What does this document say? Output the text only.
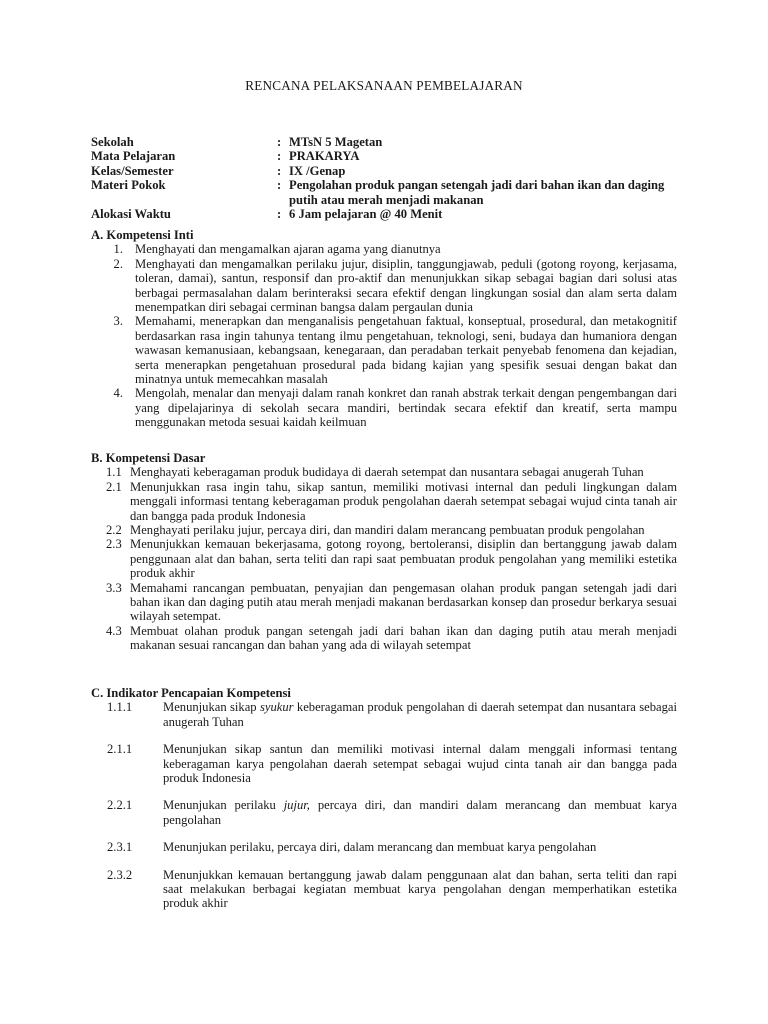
RENCANA PELAKSANAAN PEMBELAJARAN
Sekolah	: MTsN 5 Magetan
Mata Pelajaran	: PRAKARYA
Kelas/Semester	: IX /Genap
Materi Pokok	: Pengolahan produk pangan setengah jadi dari bahan ikan dan daging putih atau merah menjadi makanan
Alokasi Waktu	: 6 Jam pelajaran @ 40 Menit
A. Kompetensi Inti
1. Menghayati dan mengamalkan ajaran agama yang dianutnya
2. Menghayati dan mengamalkan perilaku jujur, disiplin, tanggungjawab, peduli (gotong royong, kerjasama, toleran, damai), santun, responsif dan pro-aktif dan menunjukkan sikap sebagai bagian dari solusi atas berbagai permasalahan dalam berinteraksi secara efektif dengan lingkungan sosial dan alam serta dalam menempatkan diri sebagai cerminan bangsa dalam pergaulan dunia
3. Memahami, menerapkan dan menganalisis pengetahuan faktual, konseptual, prosedural, dan metakognitif berdasarkan rasa ingin tahunya tentang ilmu pengetahuan, teknologi, seni, budaya dan humaniora dengan wawasan kemanusiaan, kebangsaan, kenegaraan, dan peradaban terkait penyebab fenomena dan kejadian, serta menerapkan pengetahuan prosedural pada bidang kajian yang spesifik sesuai dengan bakat dan minatnya untuk memecahkan masalah
4. Mengolah, menalar dan menyaji dalam ranah konkret dan ranah abstrak terkait dengan pengembangan dari yang dipelajarinya di sekolah secara mandiri, bertindak secara efektif dan kreatif, serta mampu menggunakan metoda sesuai kaidah keilmuan
B. Kompetensi Dasar
1.1 Menghayati keberagaman produk budidaya di daerah setempat dan nusantara sebagai anugerah Tuhan
2.1 Menunjukkan rasa ingin tahu, sikap santun, memiliki motivasi internal dan peduli lingkungan dalam menggali informasi tentang keberagaman produk pengolahan daerah setempat sebagai wujud cinta tanah air dan bangga pada produk Indonesia
2.2 Menghayati perilaku jujur, percaya diri, dan mandiri dalam merancang pembuatan produk pengolahan
2.3 Menunjukkan kemauan bekerjasama, gotong royong, bertoleransi, disiplin dan bertanggung jawab dalam penggunaan alat dan bahan, serta teliti dan rapi saat pembuatan produk pengolahan yang memiliki estetika produk akhir
3.3 Memahami rancangan pembuatan, penyajian dan pengemasan olahan produk pangan setengah jadi dari bahan ikan dan daging putih atau merah menjadi makanan berdasarkan konsep dan prosedur berkarya sesuai wilayah setempat.
4.3 Membuat olahan produk pangan setengah jadi dari bahan ikan dan daging putih atau merah menjadi makanan sesuai rancangan dan bahan yang ada di wilayah setempat
C. Indikator Pencapaian Kompetensi
1.1.1	Menunjukan sikap syukur keberagaman produk pengolahan di daerah setempat dan nusantara sebagai anugerah Tuhan
2.1.1	Menunjukan sikap santun dan memiliki motivasi internal dalam menggali informasi tentang keberagaman karya pengolahan daerah setempat sebagai wujud cinta tanah air dan bangga pada produk Indonesia
2.2.1	Menunjukan perilaku jujur, percaya diri, dan mandiri dalam merancang dan membuat karya pengolahan
2.3.1	Menunjukan perilaku, percaya diri, dalam merancang dan membuat karya pengolahan
2.3.2	Menunjukkan kemauan bertanggung jawab dalam penggunaan alat dan bahan, serta teliti dan rapi saat melakukan berbagai kegiatan membuat karya pengolahan dengan memperhatikan estetika produk akhir
